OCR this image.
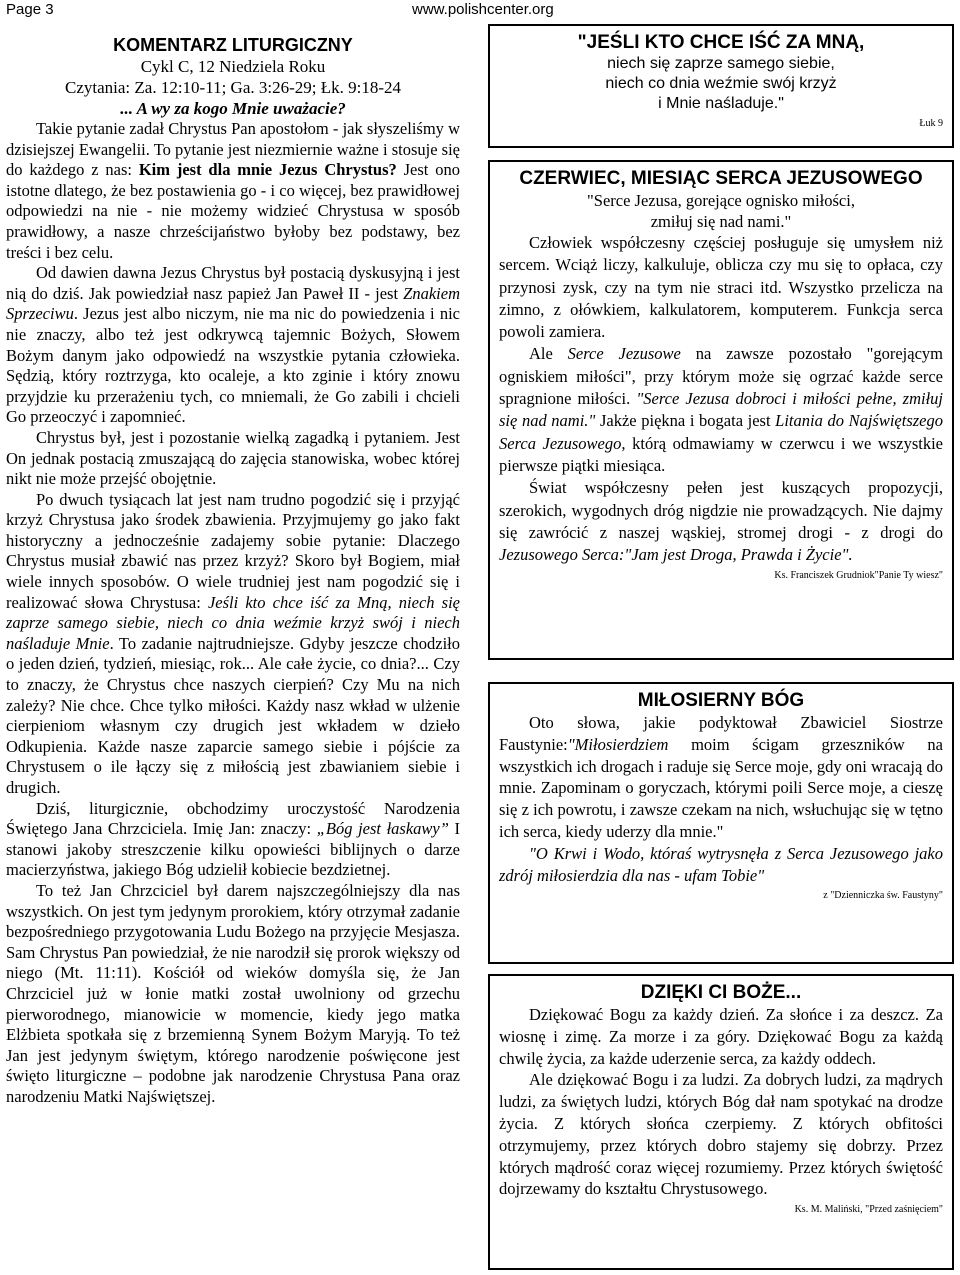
Page 3	www.polishcenter.org
KOMENTARZ LITURGICZNY
Cykl C, 12 Niedziela Roku
Czytania: Za. 12:10-11; Ga. 3:26-29; Łk. 9:18-24
... A wy za kogo Mnie uważacie?

Takie pytanie zadał Chrystus Pan apostołom - jak słyszeliśmy w dzisiejszej Ewangelii. To pytanie jest niezmiernie ważne i stosuje się do każdego z nas: Kim jest dla mnie Jezus Chrystus? Jest ono istotne dlatego, że bez postawienia go - i co więcej, bez prawidłowej odpowiedzi na nie - nie możemy widzieć Chrystusa w sposób prawidłowy, a nasze chrześcijaństwo byłoby bez podstawy, bez treści i bez celu.

Od dawien dawna Jezus Chrystus był postacią dyskusyjną i jest nią do dziś. Jak powiedział nasz papież Jan Paweł II - jest Znakiem Sprzeciwu. Jezus jest albo niczym, nie ma nic do powiedzenia i nic nie znaczy, albo też jest odkrywcą tajemnic Bożych, Słowem Bożym danym jako odpowiedź na wszystkie pytania człowieka. Sędzią, który roztrzyga, kto ocaleje, a kto zginie i który znowu przyjdzie ku przerażeniu tych, co mniemali, że Go zabili i chcieli Go przeoczyć i zapomnieć.

Chrystus był, jest i pozostanie wielką zagadką i pytaniem. Jest On jednak postacią zmuszającą do zajęcia stanowiska, wobec której nikt nie może przejść obojętnie.

Po dwuch tysiącach lat jest nam trudno pogodzić się i przyjąć krzyż Chrystusa jako środek zbawienia. Przyjmujemy go jako fakt historyczny a jednocześnie zadajemy sobie pytanie: Dlaczego Chrystus musiał zbawić nas przez krzyż? Skoro był Bogiem, miał wiele innych sposobów. O wiele trudniej jest nam pogodzić się i realizować słowa Chrystusa: Jeśli kto chce iść za Mną, niech się zaprze samego siebie, niech co dnia weźmie krzyż swój i niech naśladuje Mnie. To zadanie najtrudniejsze. Gdyby jeszcze chodziło o jeden dzień, tydzień, miesiąc, rok... Ale całe życie, co dnia?... Czy to znaczy, że Chrystus chce naszych cierpień? Czy Mu na nich zależy? Nie chce. Chce tylko miłości. Każdy nasz wkład w ulżenie cierpieniom własnym czy drugich jest wkładem w dzieło Odkupienia. Każde nasze zaparcie samego siebie i pójście za Chrystusem o ile łączy się z miłością jest zbawianiem siebie i drugich.

Dziś, liturgicznie, obchodzimy uroczystość Narodzenia Świętego Jana Chrzciciela. Imię Jan: znaczy: „Bóg jest łaskawy” I stanowi jakoby streszczenie kilku opowieści biblijnych o darze macierzyństwa, jakiego Bóg udzielił kobiecie bezdzietnej.

To też Jan Chrzciciel był darem najszczególniejszy dla nas wszystkich. On jest tym jedynym prorokiem, który otrzymał zadanie bezpośredniego przygotowania Ludu Bożego na przyjęcie Mesjasza. Sam Chrystus Pan powiedział, że nie narodził się prorok większy od niego (Mt. 11:11). Kościół od wieków domyśla się, że Jan Chrzciciel już w łonie matki został uwolniony od grzechu pierworodnego, mianowicie w momencie, kiedy jego matka Elżbieta spotkała się z brzemienną Synem Bożym Maryją. To też Jan jest jedynym świętym, którego narodzenie poświęcone jest święto liturgiczne – podobne jak narodzenie Chrystusa Pana oraz narodzeniu Matki Najświętszej.

"JEŚLI KTO CHCE IŚĆ ZA MNĄ,

niech się zaprze samego siebie,

niech co dnia weźmie swój krzyż

i Mnie naśladuje."

Łuk 9
CZERWIEC, MIESIĄC SERCA JEZUSOWEGO

"Serce Jezusa, gorejące ognisko miłości,

zmiłuj się nad nami."

Człowiek współczesny częściej posługuje się umysłem niż sercem. Wciąż liczy, kalkuluje, oblicza czy mu się to opłaca, czy przynosi zysk, czy na tym nie straci itd. Wszystko przelicza na zimno, z ołówkiem, kalkulatorem, komputerem. Funkcja serca powoli zamiera.

Ale Serce Jezusowe na zawsze pozostało "gorejącym ogniskiem miłości", przy którym może się ogrzać każde serce spragnione miłości. "Serce Jezusa dobroci i miłości pełne, zmiłuj się nad nami." Jakże piękna i bogata jest Litania do Najświętszego Serca Jezusowego, którą odmawiamy w czerwcu i we wszystkie pierwsze piątki miesiąca.

Świat współczesny pełen jest kuszących propozycji, szerokich, wygodnych dróg nigdzie nie prowadzących. Nie dajmy się zawrócić z naszej wąskiej, stromej drogi - z drogi do Jezusowego Serca:"Jam jest Droga, Prawda i Życie".

Ks. Franciszek Grudniok"Panie Ty wiesz"
MIŁOSIERNY BÓG

Oto słowa, jakie podyktował Zbawiciel Siostrze Faustynie:"Miłosierdziem moim ścigam grzeszników na wszystkich ich drogach i raduje się Serce moje, gdy oni wracają do mnie. Zapominam o goryczach, którymi poili Serce moje, a cieszę się z ich powrotu, i zawsze czekam na nich, wsłuchując się w tętno ich serca, kiedy uderzy dla mnie."

"O Krwi i Wodo, któraś wytrysnęła z Serca Jezusowego jako zdrój miłosierdzia dla nas - ufam Tobie"

z "Dzienniczka św. Faustyny"
DZIĘKI CI BOŻE...

Dziękować Bogu za każdy dzień. Za słońce i za deszcz. Za wiosnę i zimę. Za morze i za góry. Dziękować Bogu za każdą chwilę życia, za każde uderzenie serca, za każdy oddech.

Ale dziękować Bogu i za ludzi. Za dobrych ludzi, za mądrych ludzi, za świętych ludzi, których Bóg dał nam spotykać na drodze życia. Z których słońca czerpiemy. Z których obfitości otrzymujemy, przez których dobro stajemy się dobrzy. Przez których mądrość coraz więcej rozumiemy. Przez których świętość dojrzewamy do kształtu Chrystusowego.

Ks. M. Maliński, "Przed zaśnięciem"
